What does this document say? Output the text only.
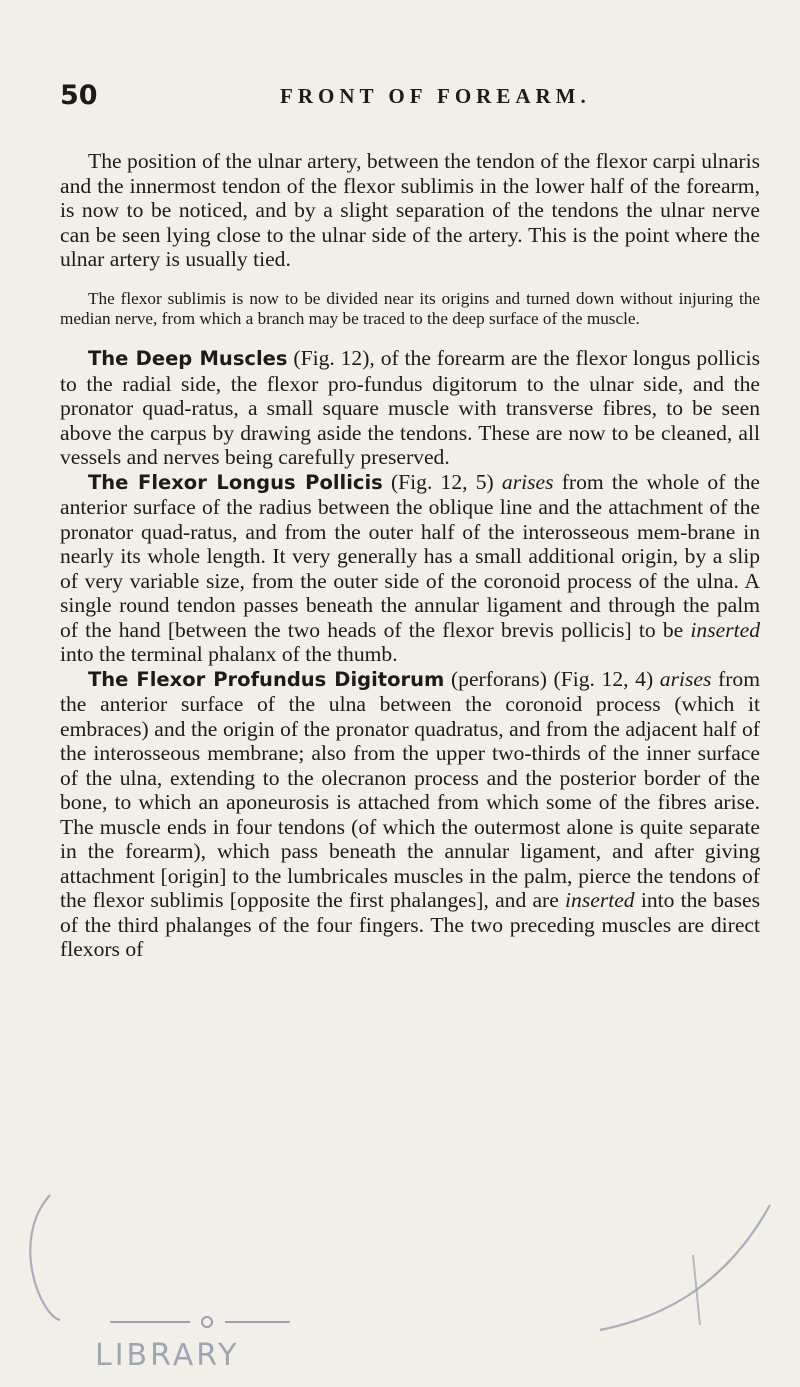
50	FRONT OF FOREARM.

The position of the ulnar artery, between the tendon of the flexor carpi ulnaris and the innermost tendon of the flexor sublimis in the lower half of the forearm, is now to be noticed, and by a slight separation of the tendons the ulnar nerve can be seen lying close to the ulnar side of the artery. This is the point where the ulnar artery is usually tied.

The flexor sublimis is now to be divided near its origins and turned down without injuring the median nerve, from which a branch may be traced to the deep surface of the muscle.

The Deep Muscles (Fig. 12), of the forearm are the flexor longus pollicis to the radial side, the flexor pro-fundus digitorum to the ulnar side, and the pronator quad-ratus, a small square muscle with transverse fibres, to be seen above the carpus by drawing aside the tendons. These are now to be cleaned, all vessels and nerves being carefully preserved.

The Flexor Longus Pollicis (Fig. 12, 5) arises from the whole of the anterior surface of the radius between the oblique line and the attachment of the pronator quad-ratus, and from the outer half of the interosseous mem-brane in nearly its whole length. It very generally has a small additional origin, by a slip of very variable size, from the outer side of the coronoid process of the ulna. A single round tendon passes beneath the annular ligament and through the palm of the hand [between the two heads of the flexor brevis pollicis] to be inserted into the terminal phalanx of the thumb.

The Flexor Profundus Digitorum (perforans) (Fig. 12, 4) arises from the anterior surface of the ulna between the coronoid process (which it embraces) and the origin of the pronator quadratus, and from the adjacent half of the interosseous membrane; also from the upper two-thirds of the inner surface of the ulna, extending to the olecranon process and the posterior border of the bone, to which an aponeurosis is attached from which some of the fibres arise. The muscle ends in four tendons (of which the outermost alone is quite separate in the forearm), which pass beneath the annular ligament, and after giving attachment [origin] to the lumbricales muscles in the palm, pierce the tendons of the flexor sublimis [opposite the first phalanges], and are inserted into the bases of the third phalanges of the four fingers. The two preceding muscles are direct flexors of

LIBRARY
